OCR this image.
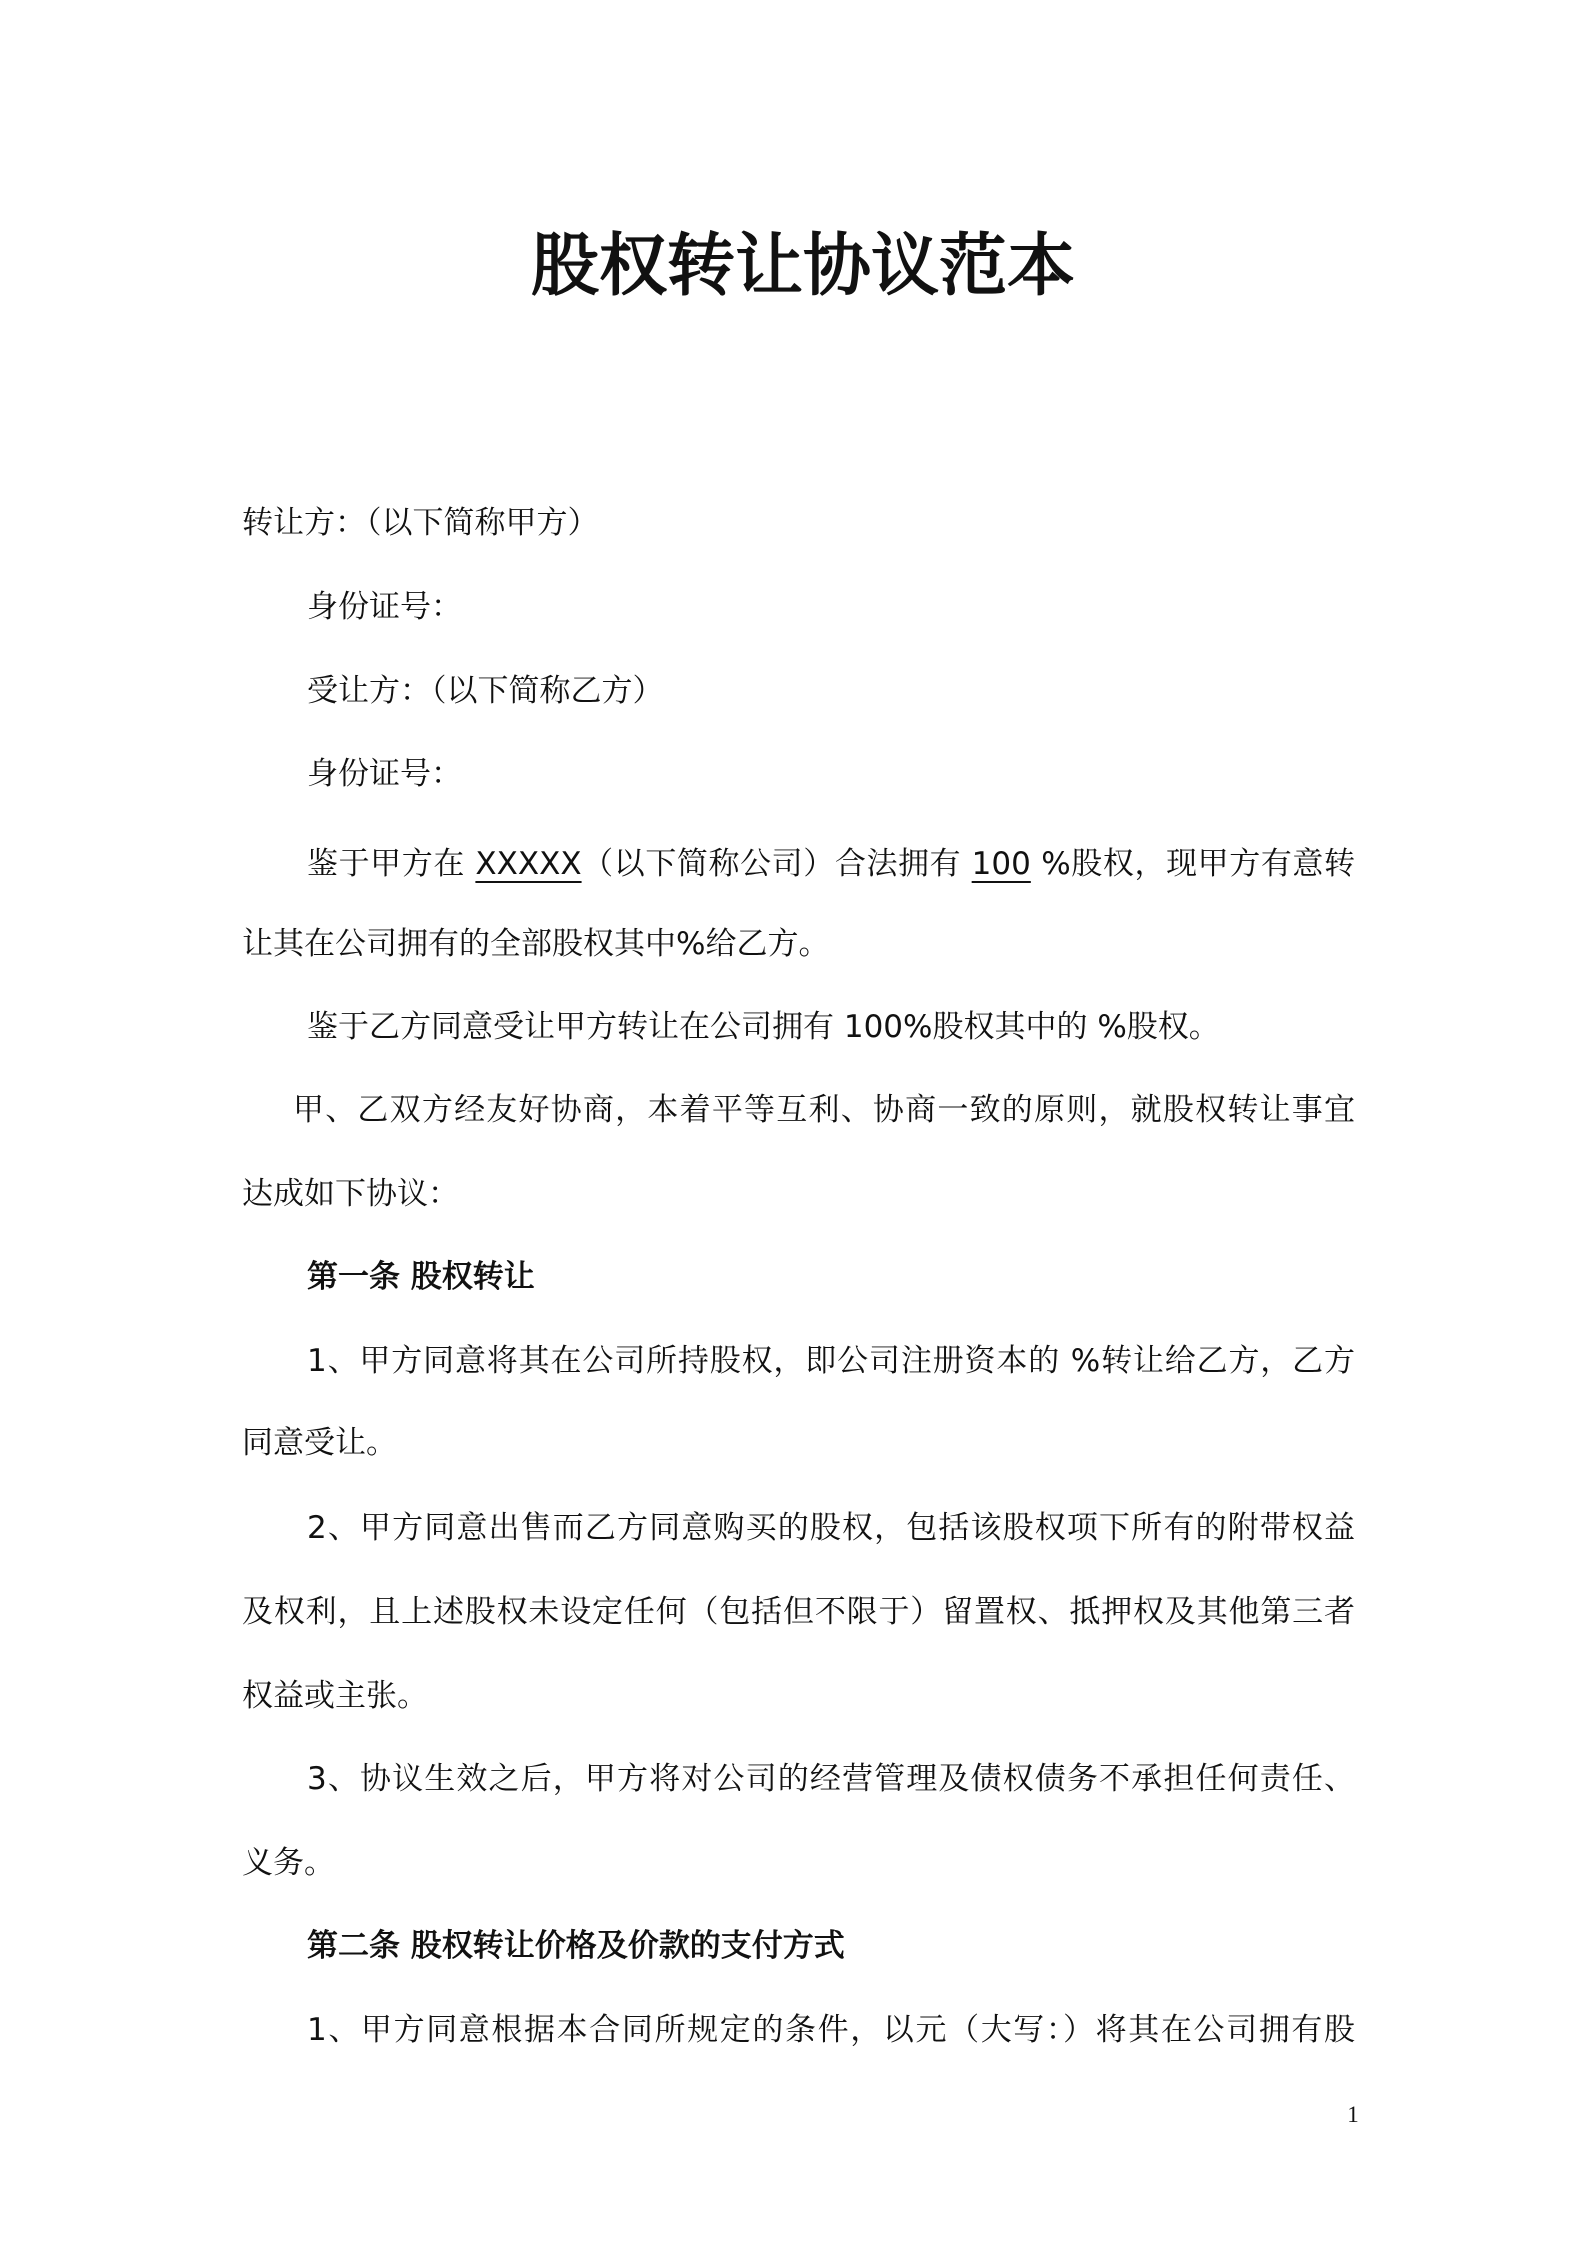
股权转让协议范本
转让方：（以下简称甲方）
身份证号：
受让方：（以下简称乙方）
身份证号：
鉴于甲方在 XXXXX（以下简称公司）合法拥有 100 %股权，现甲方有意转
让其在公司拥有的全部股权其中%给乙方。
鉴于乙方同意受让甲方转让在公司拥有 100%股权其中的 %股权。
甲、乙双方经友好协商，本着平等互利、协商一致的原则，就股权转让事宜
达成如下协议：
第一条 股权转让
1、甲方同意将其在公司所持股权，即公司注册资本的 %转让给乙方，乙方
同意受让。
2、甲方同意出售而乙方同意购买的股权，包括该股权项下所有的附带权益
及权利，且上述股权未设定任何（包括但不限于）留置权、抵押权及其他第三者
权益或主张。
3、协议生效之后，甲方将对公司的经营管理及债权债务不承担任何责任、
义务。
第二条 股权转让价格及价款的支付方式
1、甲方同意根据本合同所规定的条件，以元（大写：）将其在公司拥有股
1
